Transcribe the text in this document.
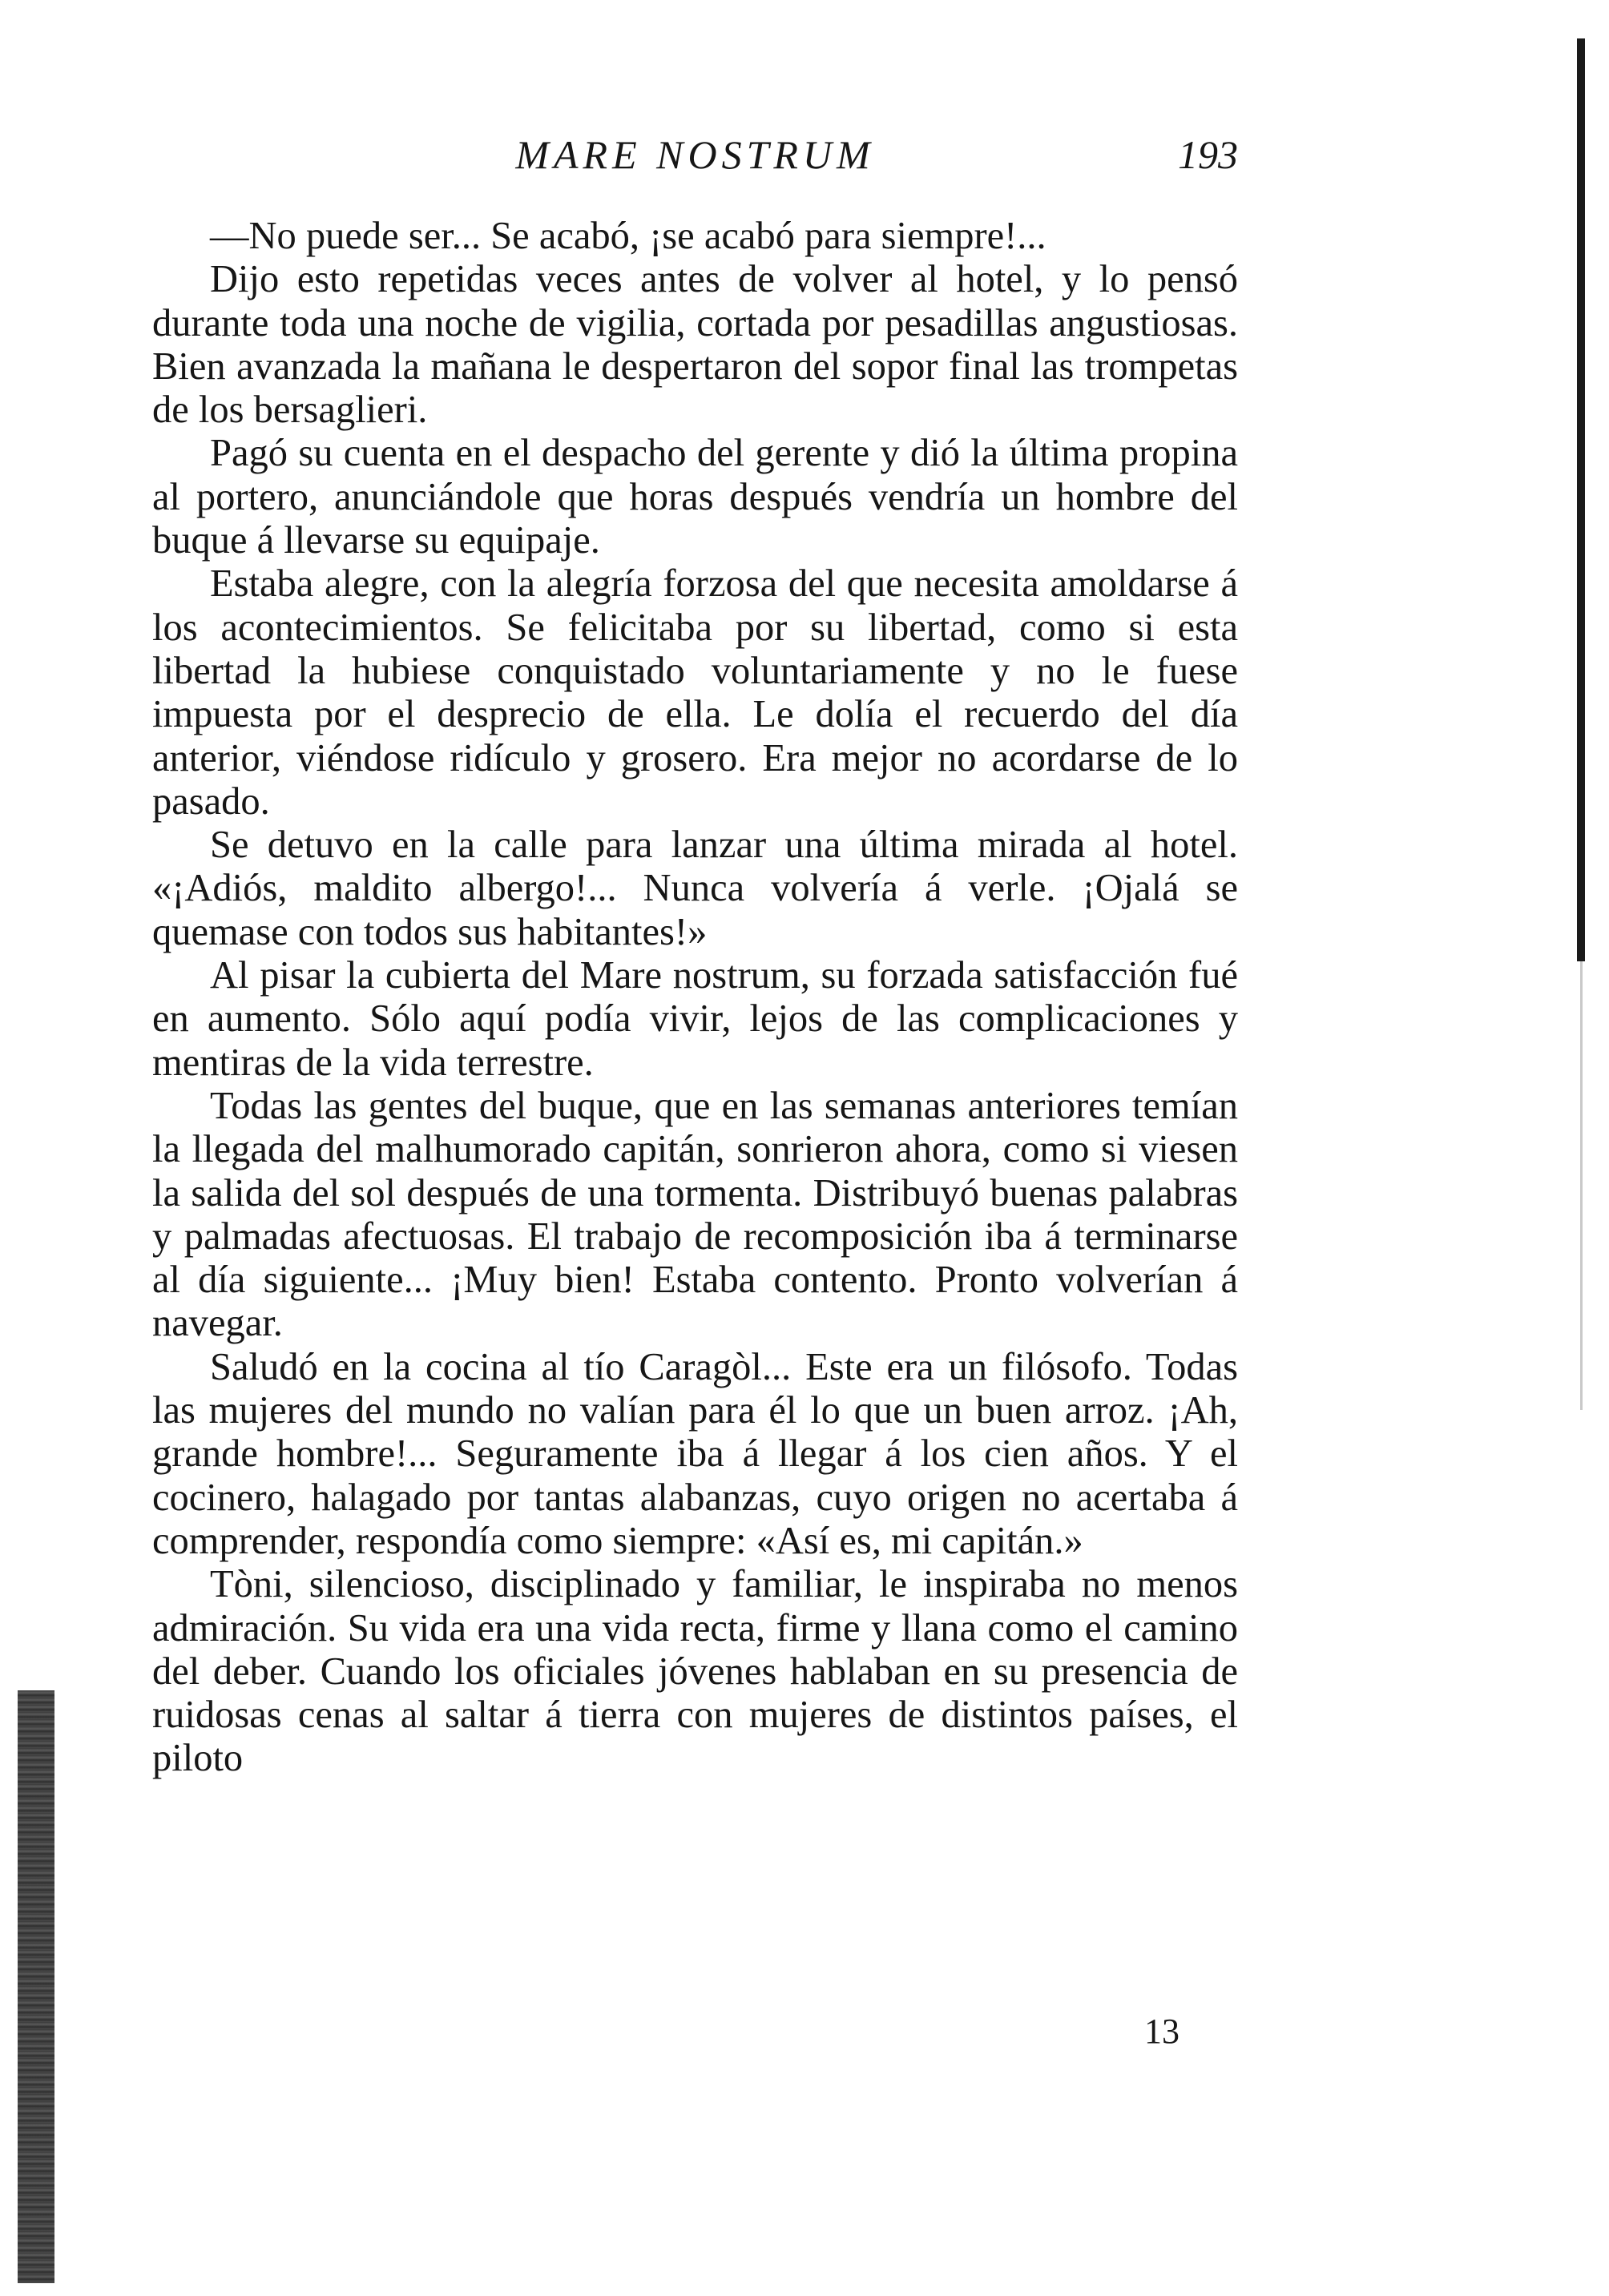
MARE NOSTRUM	193

—No puede ser... Se acabó, ¡se acabó para siempre!...

Dijo esto repetidas veces antes de volver al hotel, y lo pensó durante toda una noche de vigilia, cortada por pesadillas angustiosas. Bien avanzada la mañana le despertaron del sopor final las trompetas de los bersaglieri.

Pagó su cuenta en el despacho del gerente y dió la última propina al portero, anunciándole que horas después vendría un hombre del buque á llevarse su equipaje.

Estaba alegre, con la alegría forzosa del que necesita amoldarse á los acontecimientos. Se felicitaba por su libertad, como si esta libertad la hubiese conquistado voluntariamente y no le fuese impuesta por el desprecio de ella. Le dolía el recuerdo del día anterior, viéndose ridículo y grosero. Era mejor no acordarse de lo pasado.

Se detuvo en la calle para lanzar una última mirada al hotel. «¡Adiós, maldito albergo!... Nunca volvería á verle. ¡Ojalá se quemase con todos sus habitantes!»

Al pisar la cubierta del Mare nostrum, su forzada satisfacción fué en aumento. Sólo aquí podía vivir, lejos de las complicaciones y mentiras de la vida terrestre.

Todas las gentes del buque, que en las semanas anteriores temían la llegada del malhumorado capitán, sonrieron ahora, como si viesen la salida del sol después de una tormenta. Distribuyó buenas palabras y palmadas afectuosas. El trabajo de recomposición iba á terminarse al día siguiente... ¡Muy bien! Estaba contento. Pronto volverían á navegar.

Saludó en la cocina al tío Caragòl... Este era un filósofo. Todas las mujeres del mundo no valían para él lo que un buen arroz. ¡Ah, grande hombre!... Seguramente iba á llegar á los cien años. Y el cocinero, halagado por tantas alabanzas, cuyo origen no acertaba á comprender, respondía como siempre: «Así es, mi capitán.»

Tòni, silencioso, disciplinado y familiar, le inspiraba no menos admiración. Su vida era una vida recta, firme y llana como el camino del deber. Cuando los oficiales jóvenes hablaban en su presencia de ruidosas cenas al saltar á tierra con mujeres de distintos países, el piloto

13
